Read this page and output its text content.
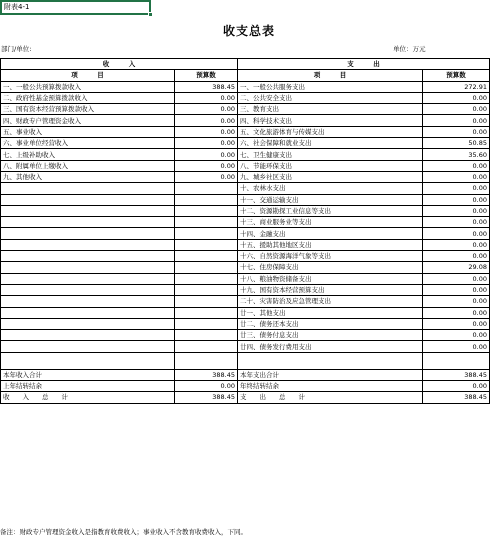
附表4-1
收支总表
部门/单位:	单位：万元
收　　　入		支　　　出	
项　　　目	预算数	项　　　目	预算数
一、一般公共预算拨款收入	388.45	一、一般公共服务支出	272.91
二、政府性基金预算拨款收入	0.00	二、公共安全支出	0.00
三、国有资本经营预算拨款收入	0.00	三、教育支出	0.00
四、财政专户管理资金收入	0.00	四、科学技术支出	0.00
五、事业收入	0.00	五、文化旅游体育与传媒支出	0.00
六、事业单位经营收入	0.00	六、社会保障和就业支出	50.85
七、上级补助收入	0.00	七、卫生健康支出	35.60
八、附属单位上缴收入	0.00	八、节能环保支出	0.00
九、其他收入	0.00	九、城乡社区支出	0.00
		十、农林水支出	0.00
		十一、交通运输支出	0.00
		十二、资源勘探工业信息等支出	0.00
		十三、商业服务业等支出	0.00
		十四、金融支出	0.00
		十五、援助其他地区支出	0.00
		十六、自然资源海洋气象等支出	0.00
		十七、住房保障支出	29.08
		十八、粮油物资储备支出	0.00
		十九、国有资本经营预算支出	0.00
		二十、灾害防治及应急管理支出	0.00
		廿一、其他支出	0.00
		廿二、债务还本支出	0.00
		廿三、债务付息支出	0.00
		廿四、债务发行费用支出	0.00

本年收入合计	388.45	本年支出合计	388.45
上年结转结余	0.00	年终结转结余	0.00
收　　入　　总　　计	388.45	支　　出　　总　　计	388.45
备注：财政专户管理资金收入是指教育收费收入；事业收入不含教育收费收入，下同。
